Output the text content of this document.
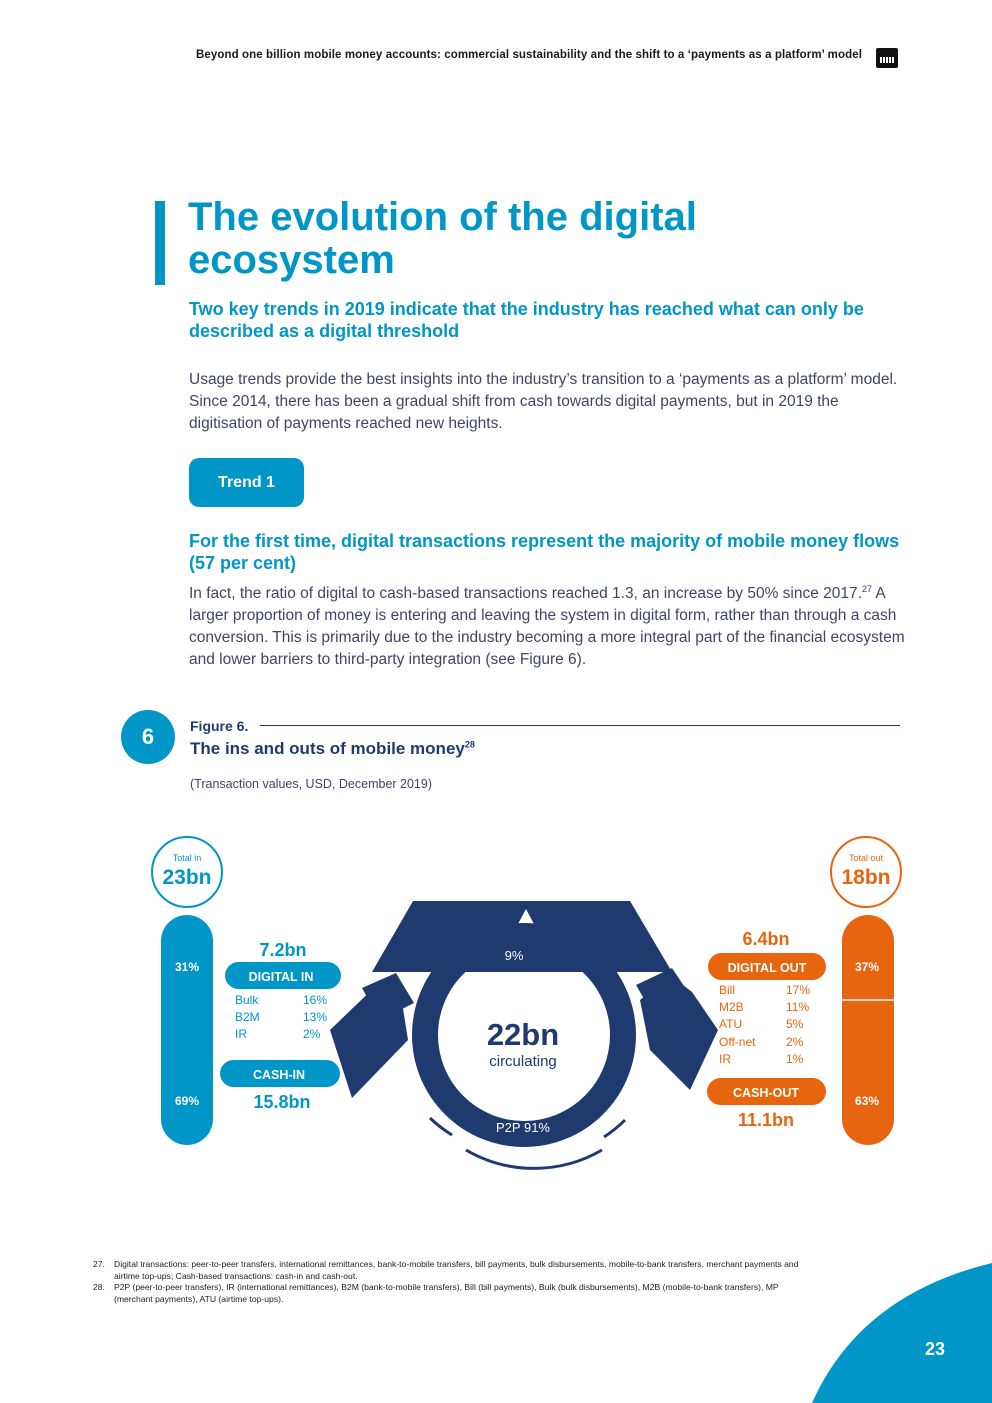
Beyond one billion mobile money accounts: commercial sustainability and the shift to a ‘payments as a platform’ model
The evolution of the digital ecosystem
Two key trends in 2019 indicate that the industry has reached what can only be described as a digital threshold
Usage trends provide the best insights into the industry’s transition to a ‘payments as a platform’ model. Since 2014, there has been a gradual shift from cash towards digital payments, but in 2019 the digitisation of payments reached new heights.
Trend 1
For the first time, digital transactions represent the majority of mobile money flows (57 per cent)
In fact, the ratio of digital to cash-based transactions reached 1.3, an increase by 50% since 2017.27 A larger proportion of money is entering and leaving the system in digital form, rather than through a cash conversion. This is primarily due to the industry becoming a more integral part of the financial ecosystem and lower barriers to third-party integration (see Figure 6).
6	Figure 6.
The ins and outs of mobile money$^{28}$
(Transaction values, USD, December 2019)
Total in
23bn
31%
69%
7.2bn
DIGITAL IN
Bulk	16%
B2M	13%
IR	2%
CASH-IN
15.8bn
9%
22bn
circulating
P2P 91%
6.4bn
DIGITAL OUT
Bill	17%
M2B	11%
ATU	5%
Off-net	2%
IR	1%
CASH-OUT
11.1bn
Total out
18bn
37%
63%
27.	Digital transactions: peer-to-peer transfers, international remittances, bank-to-mobile transfers, bill payments, bulk disbursements, mobile-to-bank transfers, merchant payments and airtime top-ups; Cash-based transactions: cash-in and cash-out.
28.	P2P (peer-to-peer transfers), IR (international remittances), B2M (bank-to-mobile transfers), Bill (bill payments), Bulk (bulk disbursements), M2B (mobile-to-bank transfers), MP (merchant payments), ATU (airtime top-ups).
23
